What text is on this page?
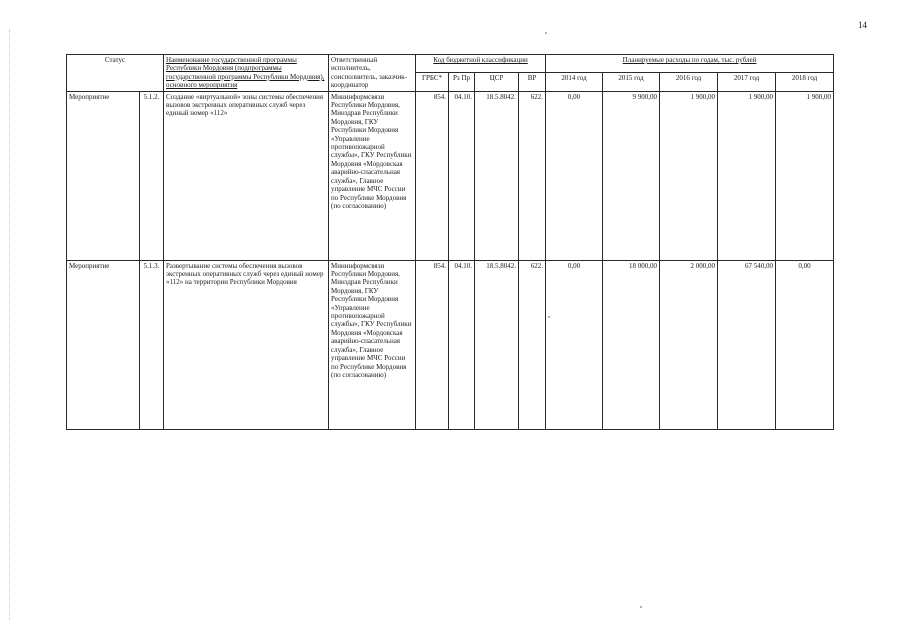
14
Статус		Наименование государственной программы Республики Мордовия (подпрограммы государственной программы Республики Мордовия), основного мероприятия	Ответственный исполнитель, соисполнитель, заказчик-координатор	Код бюджетной классификации				Планируемые расходы по годам, тыс. рублей				
				ГРБС*	Рз Пр	ЦСР	ВР	2014 год	2015 год	2016 год	2017 год	2018 год
Мероприятие	5.1.2.	Создание «виртуальной» зоны системы обеспечения вызовов экстренных оперативных служб через единый номер «112»	Мининформсвязи Республики Мордовия, Минздрав Республики Мордовия, ГКУ Республики Мордовия «Управление противопожарной службы», ГКУ Республики Мордовия «Мордовская аварийно-спасательная служба», Главное управление МЧС России по Республике Мордовия (по согласованию)	854.	04.10.	18.5.8042.	622.	0,00	9 900,00	1 900,00	1 900,00	1 900,00
Мероприятие	5.1.3.	Развертывание системы обеспечения вызовов экстренных оперативных служб через единый номер «112» на территории Республики Мордовия	Мининформсвязи Республики Мордовия, Минздрав Республики Мордовия, ГКУ Республики Мордовия «Управление противопожарной службы», ГКУ Республики Мордовия «Мордовская аварийно-спасательная служба», Главное управление МЧС России по Республике Мордовия (по согласованию)	854.	04.10.	18.5.8042.	622.	0,00	18 000,00	2 000,00	67 540,00	0,00
